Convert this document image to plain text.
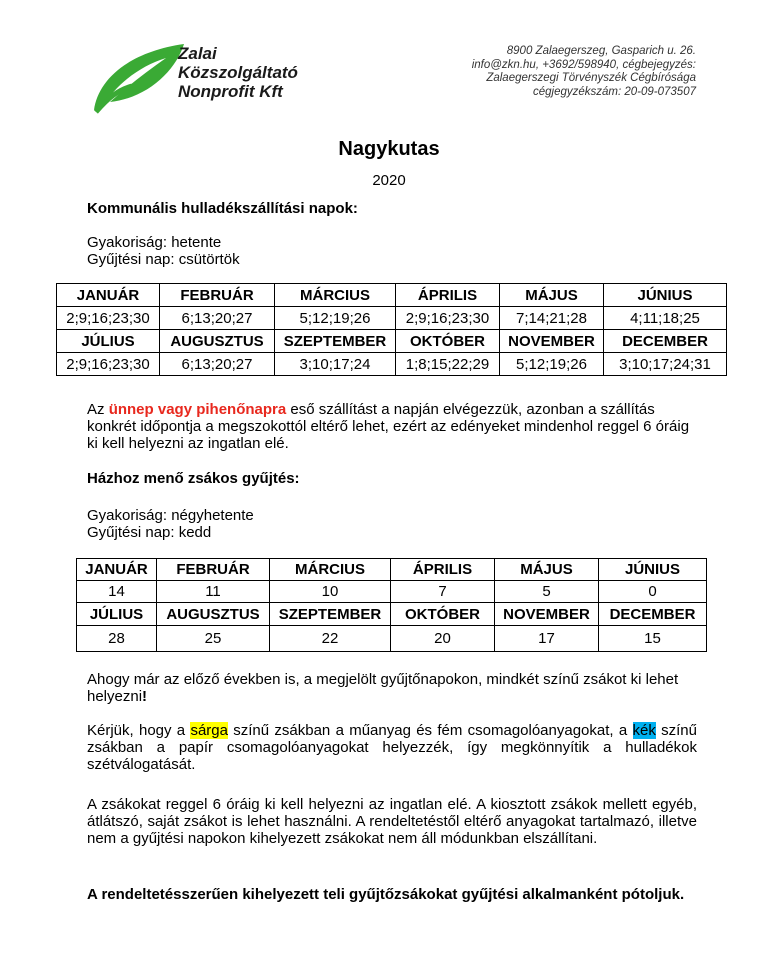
Zalai
Közszolgáltató
Nonprofit Kft
8900 Zalaegerszeg, Gasparich u. 26.
info@zkn.hu, +3692/598940, cégbejegyzés:
Zalaegerszegi Törvényszék Cégbírósága
cégjegyzékszám: 20-09-073507
Nagykutas
2020
Kommunális hulladékszállítási napok:
Gyakoriság: hetente
Gyűjtési nap: csütörtök
JANUÁR	FEBRUÁR	MÁRCIUS	ÁPRILIS	MÁJUS	JÚNIUS
2;9;16;23;30	6;13;20;27	5;12;19;26	2;9;16;23;30	7;14;21;28	4;11;18;25
JÚLIUS	AUGUSZTUS	SZEPTEMBER	OKTÓBER	NOVEMBER	DECEMBER
2;9;16;23;30	6;13;20;27	3;10;17;24	1;8;15;22;29	5;12;19;26	3;10;17;24;31
Az ünnep vagy pihenőnapra eső szállítást a napján elvégezzük, azonban a szállítás konkrét időpontja a megszokottól eltérő lehet, ezért az edényeket mindenhol reggel 6 óráig ki kell helyezni az ingatlan elé.
Házhoz menő zsákos gyűjtés:
Gyakoriság: négyhetente
Gyűjtési nap: kedd
JANUÁR	FEBRUÁR	MÁRCIUS	ÁPRILIS	MÁJUS	JÚNIUS
14	11	10	7	5	0
JÚLIUS	AUGUSZTUS	SZEPTEMBER	OKTÓBER	NOVEMBER	DECEMBER
28	25	22	20	17	15
Ahogy már az előző években is, a megjelölt gyűjtőnapokon, mindkét színű zsákot ki lehet helyezni!
Kérjük, hogy a sárga színű zsákban a műanyag és fém csomagolóanyagokat, a kék színű zsákban a papír csomagolóanyagokat helyezzék, így megkönnyítik a hulladékok szétválogatását.
A zsákokat reggel 6 óráig ki kell helyezni az ingatlan elé. A kiosztott zsákok mellett egyéb, átlátszó, saját zsákot is lehet használni. A rendeltetéstől eltérő anyagokat tartalmazó, illetve nem a gyűjtési napokon kihelyezett zsákokat nem áll módunkban elszállítani.
A rendeltetésszerűen kihelyezett teli gyűjtőzsákokat gyűjtési alkalmanként pótoljuk.
